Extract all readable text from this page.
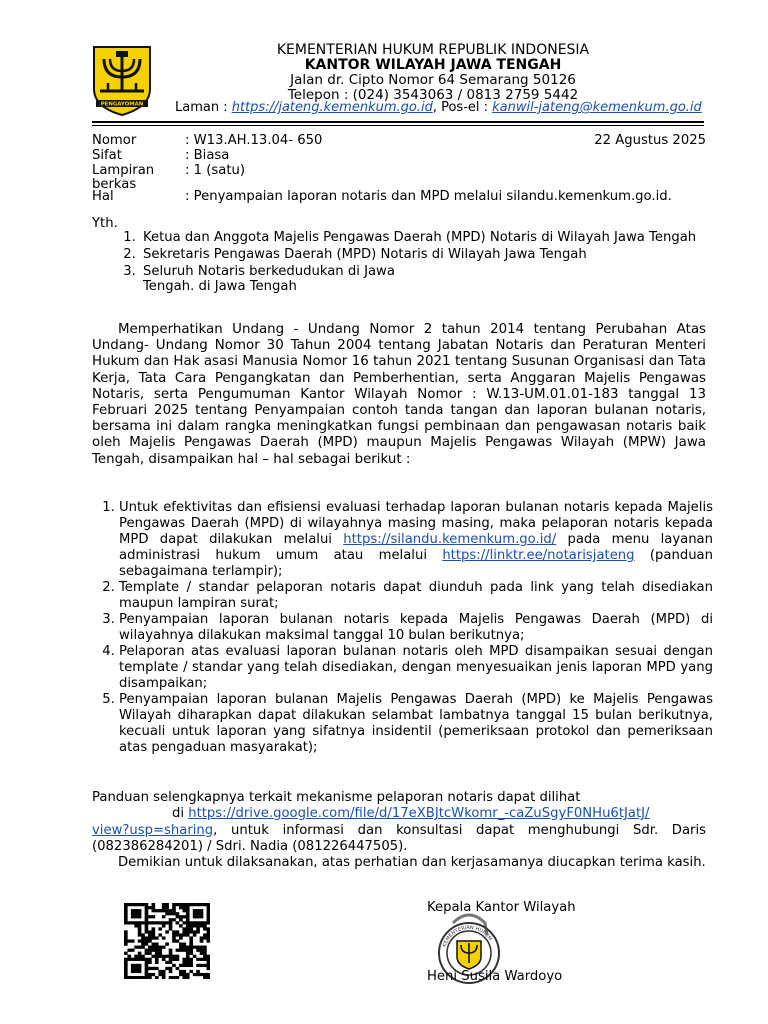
PENGAYOMAN
KEMENTERIAN HUKUM REPUBLIK INDONESIA
KANTOR WILAYAH JAWA TENGAH
Jalan dr. Cipto Nomor 64 Semarang 50126
Telepon : (024) 3543063 / 0813 2759 5442
Laman : https://jateng.kemenkum.go.id, Pos-el : kanwil-jateng@kemenkum.go.id
Nomor	: W13.AH.13.04- 650	22 Agustus 2025
Sifat	: Biasa
Lampiran : 1 (satu)
berkas
Hal	: Penyampaian laporan notaris dan MPD melalui silandu.kemenkum.go.id.
Yth.
1. Ketua dan Anggota Majelis Pengawas Daerah (MPD) Notaris di Wilayah Jawa Tengah
2. Sekretaris Pengawas Daerah (MPD) Notaris di Wilayah Jawa Tengah
3. Seluruh Notaris berkedudukan di Jawa
Tengah. di Jawa Tengah
Memperhatikan Undang - Undang Nomor 2 tahun 2014 tentang Perubahan Atas Undang- Undang Nomor 30 Tahun 2004 tentang Jabatan Notaris dan Peraturan Menteri Hukum dan Hak asasi Manusia Nomor 16 tahun 2021 tentang Susunan Organisasi dan Tata Kerja, Tata Cara Pengangkatan dan Pemberhentian, serta Anggaran Majelis Pengawas Notaris, serta Pengumuman Kantor Wilayah Nomor : W.13-UM.01.01-183 tanggal 13 Februari 2025 tentang Penyampaian contoh tanda tangan dan laporan bulanan notaris, bersama ini dalam rangka meningkatkan fungsi pembinaan dan pengawasan notaris baik oleh Majelis Pengawas Daerah (MPD) maupun Majelis Pengawas Wilayah (MPW) Jawa Tengah, disampaikan hal – hal sebagai berikut :
1. Untuk efektivitas dan efisiensi evaluasi terhadap laporan bulanan notaris kepada Majelis Pengawas Daerah (MPD) di wilayahnya masing masing, maka pelaporan notaris kepada MPD dapat dilakukan melalui https://silandu.kemenkum.go.id/ pada menu layanan administrasi hukum umum atau melalui https://linktr.ee/notarisjateng (panduan sebagaimana terlampir);
2. Template / standar pelaporan notaris dapat diunduh pada link yang telah disediakan maupun lampiran surat;
3. Penyampaian laporan bulanan notaris kepada Majelis Pengawas Daerah (MPD) di wilayahnya dilakukan maksimal tanggal 10 bulan berikutnya;
4. Pelaporan atas evaluasi laporan bulanan notaris oleh MPD disampaikan sesuai dengan template / standar yang telah disediakan, dengan menyesuaikan jenis laporan MPD yang disampaikan;
5. Penyampaian laporan bulanan Majelis Pengawas Daerah (MPD) ke Majelis Pengawas Wilayah diharapkan dapat dilakukan selambat lambatnya tanggal 15 bulan berikutnya, kecuali untuk laporan yang sifatnya insidentil (pemeriksaan protokol dan pemeriksaan atas pengaduan masyarakat);
Panduan selengkapnya terkait mekanisme pelaporan notaris dapat dilihat
di https://drive.google.com/file/d/17eXBJtcWkomr_-caZuSgyF0NHu6tJatJ/
view?usp=sharing, untuk informasi dan konsultasi dapat menghubungi Sdr. Daris (082386284201) / Sdri. Nadia (081226447505).
Demikian untuk dilaksanakan, atas perhatian dan kerjasamanya diucapkan terima kasih.
Kepala Kantor Wilayah
KEMENTERIAN HUKUM
Heni Susila Wardoyo
